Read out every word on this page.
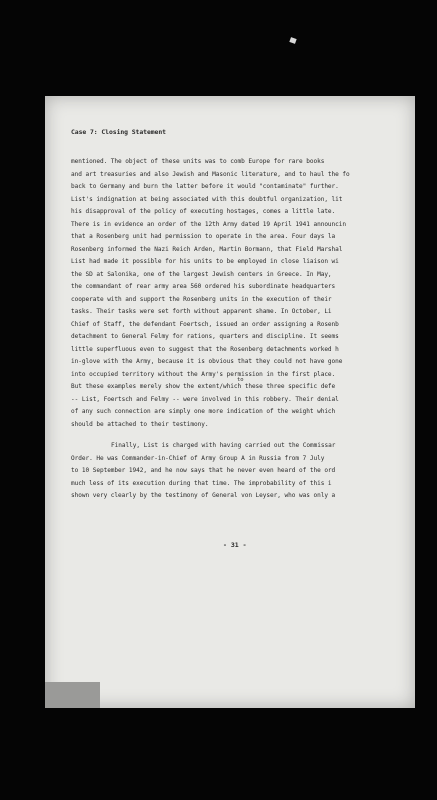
Case 7: Closing Statement
mentioned. The object of these units was to comb Europe for rare books
and art treasuries and also Jewish and Masonic literature, and to haul the fo
back to Germany and burn the latter before it would "contaminate" further.
List's indignation at being associated with this doubtful organization, lit
his disapproval of the policy of executing hostages, comes a little late.
There is in evidence an order of the 12th Army dated 19 April 1941 announcin
that a Rosenberg unit had permission to operate in the area. Four days la
Rosenberg informed the Nazi Reich Arden, Martin Bormann, that Field Marshal
List had made it possible for his units to be employed in close liaison wi
the SD at Salonika, one of the largest Jewish centers in Greece. In May,
the commandant of rear army area 560 ordered his subordinate headquarters
cooperate with and support the Rosenberg units in the execution of their
tasks. Their tasks were set forth without apparent shame. In October, Li
Chief of Staff, the defendant Foertsch, issued an order assigning a Rosenb
detachment to General Felmy for rations, quarters and discipline. It seems
little superfluous even to suggest that the Rosenberg detachments worked h
in-glove with the Army, because it is obvious that they could not have gone
into occupied territory without the Army's permission in the first place.
to
But these examples merely show the extent/which these three specific defe
-- List, Foertsch and Felmy -- were involved in this robbery. Their denial
of any such connection are simply one more indication of the weight which
should be attached to their testimony.
Finally, List is charged with having carried out the Commissar
Order. He was Commander-in-Chief of Army Group A in Russia from 7 July
to 10 September 1942, and he now says that he never even heard of the ord
much less of its execution during that time. The improbability of this i
shown very clearly by the testimony of General von Leyser, who was only a
- 31 -
